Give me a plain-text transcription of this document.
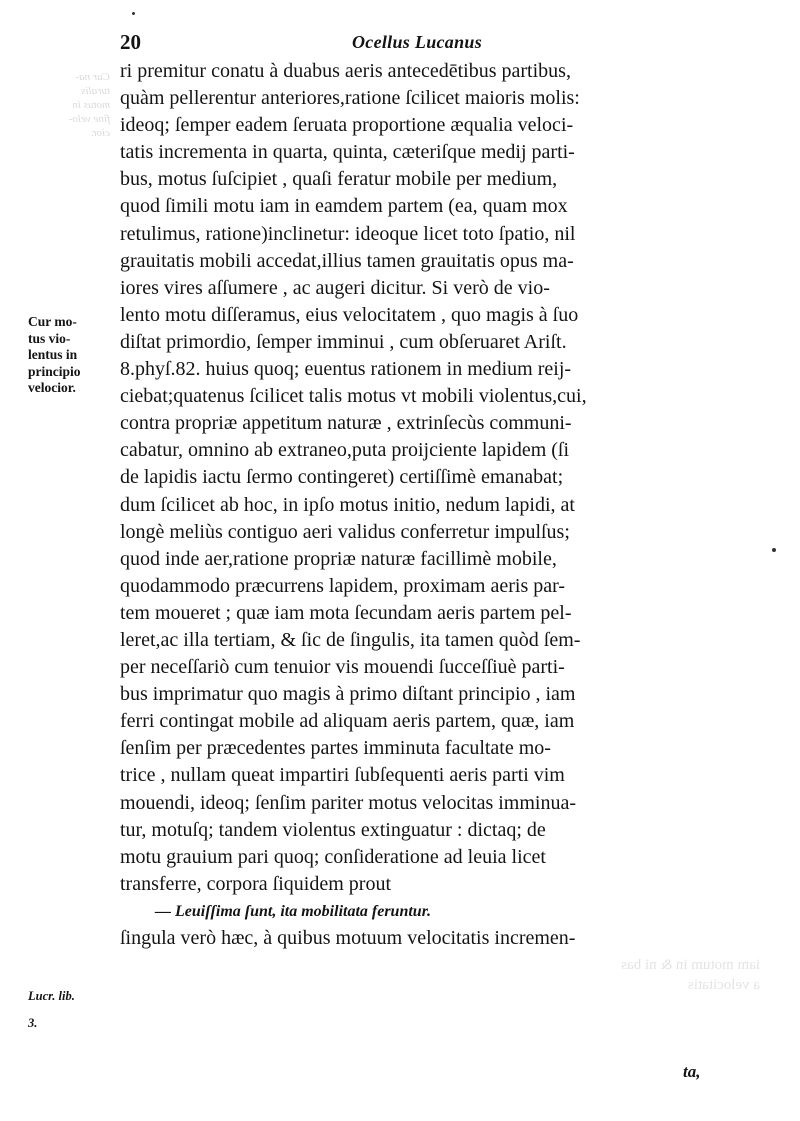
Cur na-
turalis
motus in
fine velo-
cior.
iam motum in & ni bas
a velocitatis
20	Ocellus Lucanus
Cur mo-
tus vio-
lentus in
principio
velocior.
Lucr. lib.
3.
ri premitur conatu à duabus aeris antecedētibus partibus,
quàm pellerentur anteriores,ratione ſcilicet maioris molis:
ideoq; ſemper eadem ſeruata proportione æqualia veloci-
tatis incrementa in quarta, quinta, cæteriſque medij parti-
bus, motus ſuſcipiet , quaſi feratur mobile per medium,
quod ſimili motu iam in eamdem partem (ea, quam mox
retulimus, ratione)inclinetur: ideoque licet toto ſpatio, nil
grauitatis mobili accedat,illius tamen grauitatis opus ma-
iores vires aſſumere , ac augeri dicitur. Si verò de vio-
lento motu diſſeramus, eius velocitatem , quo magis à ſuo
diſtat primordio, ſemper imminui , cum obſeruaret Ariſt.
8.phyſ.82. huius quoq; euentus rationem in medium reij-
ciebat;quatenus ſcilicet talis motus vt mobili violentus,cui,
contra propriæ appetitum naturæ , extrinſecùs communi-
cabatur, omnino ab extraneo,puta proijciente lapidem (ſi
de lapidis iactu ſermo contingeret) certiſſimè emanabat;
dum ſcilicet ab hoc, in ipſo motus initio, nedum lapidi, at
longè meliùs contiguo aeri validus conferretur impulſus;
quod inde aer,ratione propriæ naturæ facillimè mobile,
quodammodo præcurrens lapidem, proximam aeris par-
tem moueret ; quæ iam mota ſecundam aeris partem pel-
leret,ac illa tertiam, & ſic de ſingulis, ita tamen quòd ſem-
per neceſſariò cum tenuior vis mouendi ſucceſſiuè parti-
bus imprimatur quo magis à primo diſtant principio , iam
ferri contingat mobile ad aliquam aeris partem, quæ, iam
ſenſim per præcedentes partes imminuta facultate mo-
trice , nullam queat impartiri ſubſequenti aeris parti vim
mouendi, ideoq; ſenſim pariter motus velocitas imminua-
tur, motuſq; tandem violentus extinguatur : dictaq; de
motu grauium pari quoq; conſideratione ad leuia licet
transferre, corpora ſiquidem prout
— Leuiſſima ſunt, ita mobilitata feruntur.
ſingula verò hæc, à quibus motuum velocitatis incremen-
ta,
